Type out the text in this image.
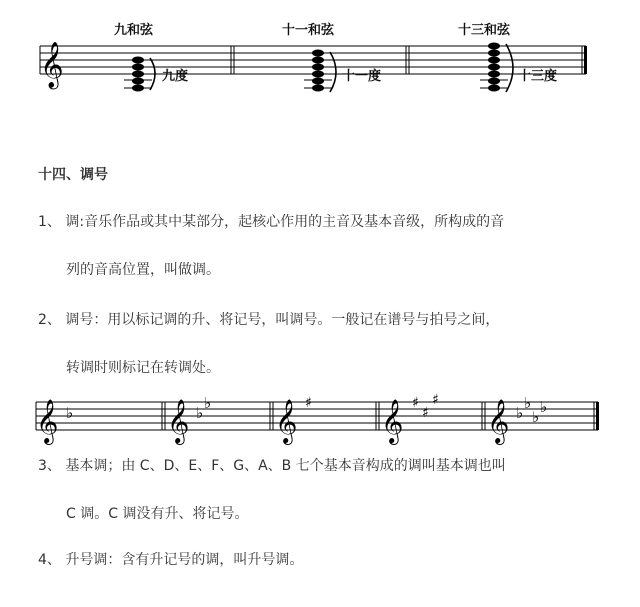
𝄞
九和弦
九度
十一和弦
十一度
十三和弦
十三度
十四、调号
1、 调:音乐作品或其中某部分，起核心作用的主音及基本音级，所构成的音
列的音高位置，叫做调。
2、 调号：用以标记调的升、将记号，叫调号。一般记在谱号与拍号之间，
转调时则标记在转调处。
𝄞	𝄞 𝄞 𝄞 𝄞
♭	♭
♭	♯	♯
♯
♯
♭
♭
♭
♭
3、 基本调；由 C、D、E、F、G、A、B 七个基本音构成的调叫基本调也叫
C 调。C 调没有升、将记号。
4、 升号调：含有升记号的调，叫升号调。
